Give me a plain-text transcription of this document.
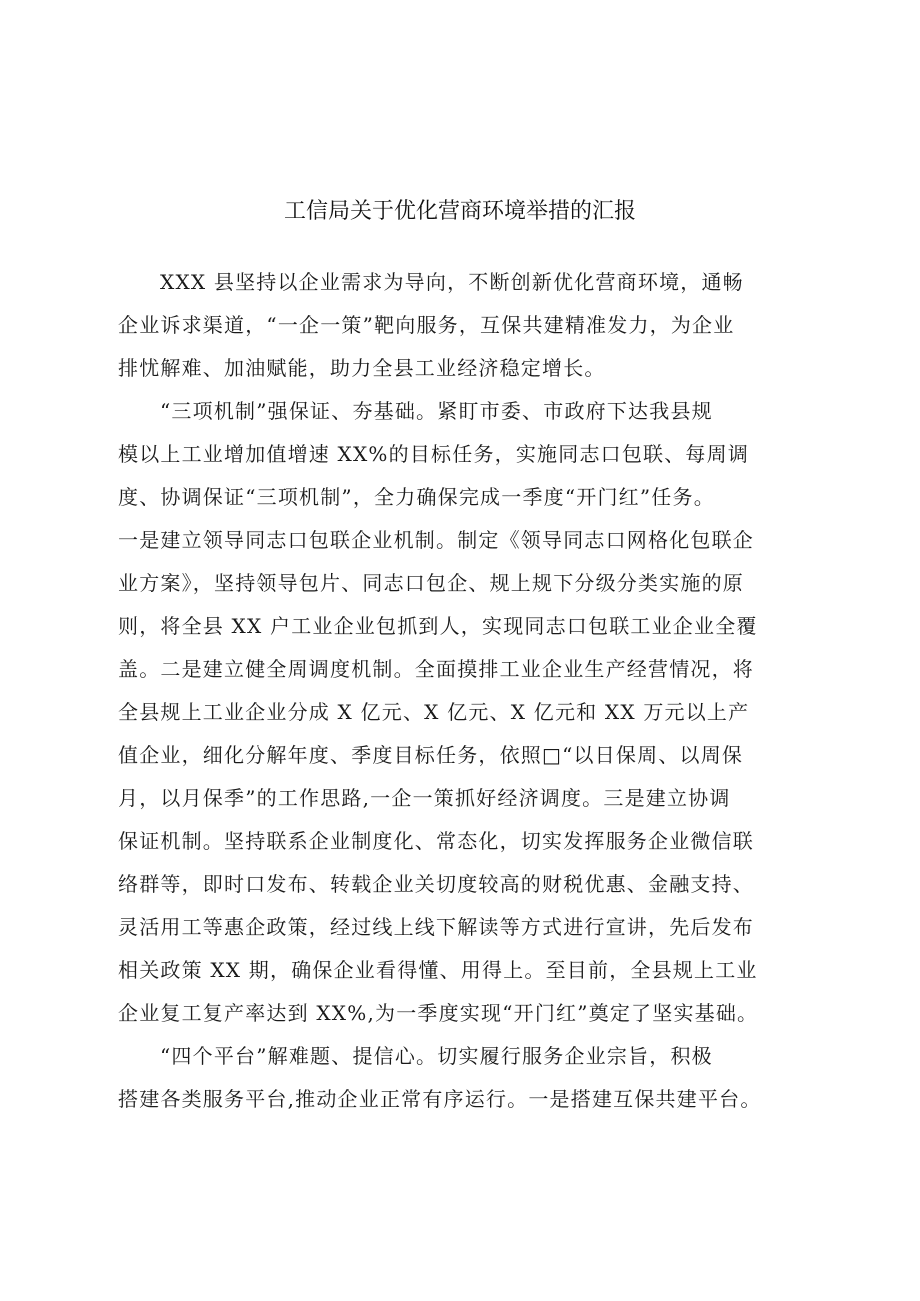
工信局关于优化营商环境举措的汇报
XXX 县坚持以企业需求为导向，不断创新优化营商环境，通畅
企业诉求渠道，“一企一策”靶向服务，互保共建精准发力，为企业
排忧解难、加油赋能，助力全县工业经济稳定增长。
“三项机制”强保证、夯基础。紧盯市委、市政府下达我县规
模以上工业增加值增速 XX%的目标任务，实施同志口包联、每周调
度、协调保证“三项机制”，全力确保完成一季度“开门红”任务。
一是建立领导同志口包联企业机制。制定《领导同志口网格化包联企
业方案》，坚持领导包片、同志口包企、规上规下分级分类实施的原
则，将全县 XX 户工业企业包抓到人，实现同志口包联工业企业全覆
盖。二是建立健全周调度机制。全面摸排工业企业生产经营情况，将
全县规上工业企业分成 X 亿元、X 亿元、X 亿元和 XX 万元以上产
值企业，细化分解年度、季度目标任务，依照□“以日保周、以周保
月，以月保季”的工作思路,一企一策抓好经济调度。三是建立协调
保证机制。坚持联系企业制度化、常态化，切实发挥服务企业微信联
络群等，即时口发布、转载企业关切度较高的财税优惠、金融支持、
灵活用工等惠企政策，经过线上线下解读等方式进行宣讲，先后发布
相关政策 XX 期，确保企业看得懂、用得上。至目前，全县规上工业
企业复工复产率达到 XX%,为一季度实现“开门红”奠定了坚实基础。
“四个平台”解难题、提信心。切实履行服务企业宗旨，积极
搭建各类服务平台,推动企业正常有序运行。一是搭建互保共建平台。
